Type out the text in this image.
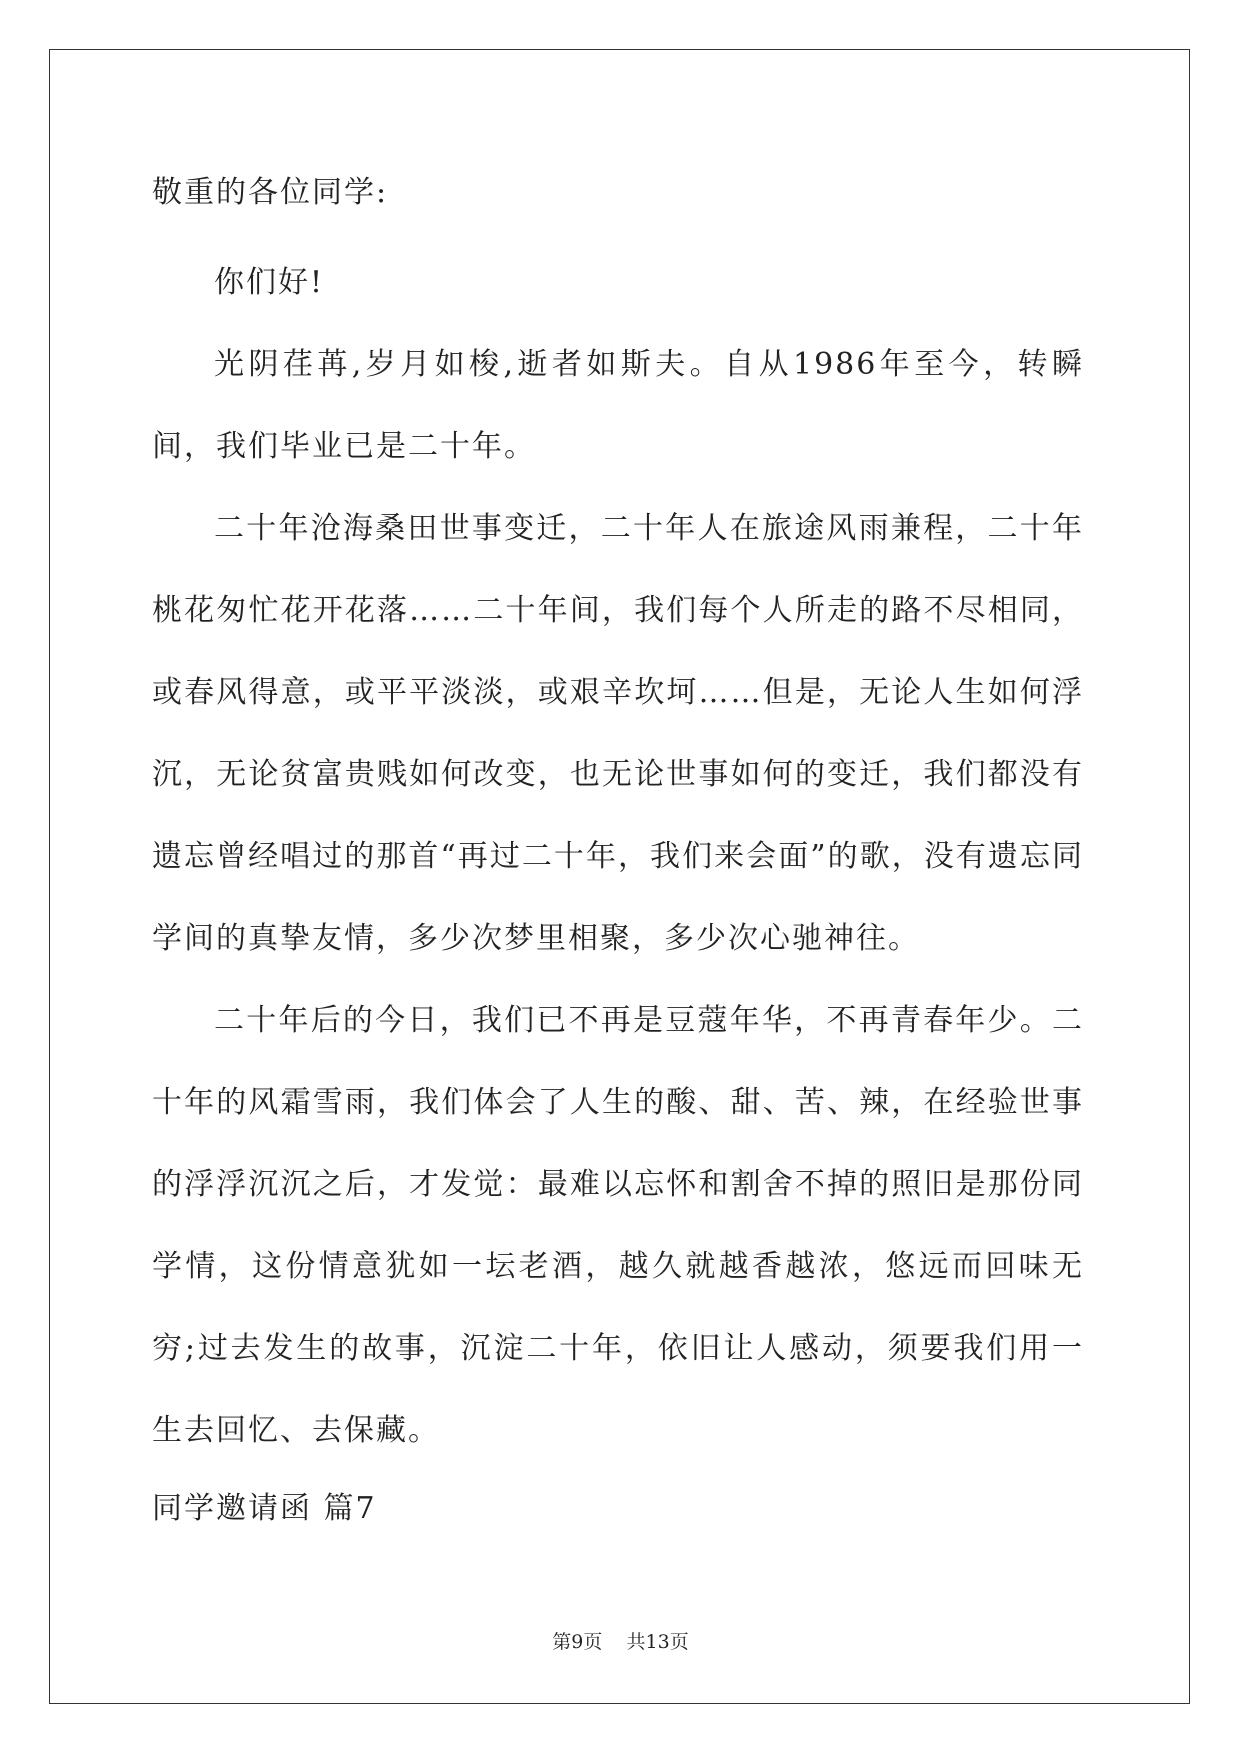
敬重的各位同学:

你们好!

光阴荏苒,岁月如梭,逝者如斯夫。自从1986年至今，转瞬间，我们毕业已是二十年。

二十年沧海桑田世事变迁，二十年人在旅途风雨兼程，二十年桃花匆忙花开花落……二十年间，我们每个人所走的路不尽相同，或春风得意，或平平淡淡，或艰辛坎坷……但是，无论人生如何浮沉，无论贫富贵贱如何改变，也无论世事如何的变迁，我们都没有遗忘曾经唱过的那首“再过二十年，我们来会面”的歌，没有遗忘同学间的真挚友情，多少次梦里相聚，多少次心驰神往。

二十年后的今日，我们已不再是豆蔻年华，不再青春年少。二十年的风霜雪雨，我们体会了人生的酸、甜、苦、辣，在经验世事的浮浮沉沉之后，才发觉：最难以忘怀和割舍不掉的照旧是那份同学情，这份情意犹如一坛老酒，越久就越香越浓，悠远而回味无穷;过去发生的故事，沉淀二十年，依旧让人感动，须要我们用一生去回忆、去保藏。

同学邀请函 篇7

第9页    共13页
